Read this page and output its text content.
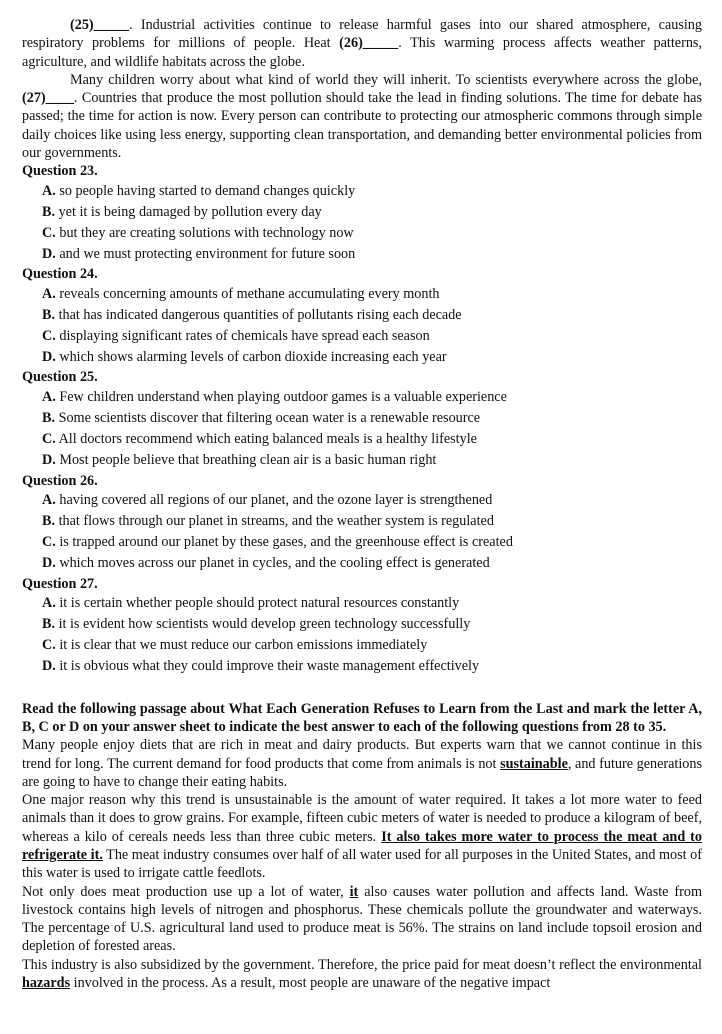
(25)_____. Industrial activities continue to release harmful gases into our shared atmosphere, causing respiratory problems for millions of people. Heat (26)_____. This warming process affects weather patterns, agriculture, and wildlife habitats across the globe.

Many children worry about what kind of world they will inherit. To scientists everywhere across the globe, (27)____. Countries that produce the most pollution should take the lead in finding solutions. The time for debate has passed; the time for action is now. Every person can contribute to protecting our atmospheric commons through simple daily choices like using less energy, supporting clean transportation, and demanding better environmental policies from our governments.

Question 23.
A. so people having started to demand changes quickly
B. yet it is being damaged by pollution every day
C. but they are creating solutions with technology now
D. and we must protecting environment for future soon
Question 24.
A. reveals concerning amounts of methane accumulating every month
B. that has indicated dangerous quantities of pollutants rising each decade
C. displaying significant rates of chemicals have spread each season
D. which shows alarming levels of carbon dioxide increasing each year
Question 25.
A. Few children understand when playing outdoor games is a valuable experience
B. Some scientists discover that filtering ocean water is a renewable resource
C. All doctors recommend which eating balanced meals is a healthy lifestyle
D. Most people believe that breathing clean air is a basic human right
Question 26.
A. having covered all regions of our planet, and the ozone layer is strengthened
B. that flows through our planet in streams, and the weather system is regulated
C. is trapped around our planet by these gases, and the greenhouse effect is created
D. which moves across our planet in cycles, and the cooling effect is generated
Question 27.
A. it is certain whether people should protect natural resources constantly
B. it is evident how scientists would develop green technology successfully
C. it is clear that we must reduce our carbon emissions immediately
D. it is obvious what they could improve their waste management effectively

Read the following passage about What Each Generation Refuses to Learn from the Last and mark the letter A, B, C or D on your answer sheet to indicate the best answer to each of the following questions from 28 to 35.

Many people enjoy diets that are rich in meat and dairy products. But experts warn that we cannot continue in this trend for long. The current demand for food products that come from animals is not sustainable, and future generations are going to have to change their eating habits.

One major reason why this trend is unsustainable is the amount of water required. It takes a lot more water to feed animals than it does to grow grains. For example, fifteen cubic meters of water is needed to produce a kilogram of beef, whereas a kilo of cereals needs less than three cubic meters. It also takes more water to process the meat and to refrigerate it. The meat industry consumes over half of all water used for all purposes in the United States, and most of this water is used to irrigate cattle feedlots.

Not only does meat production use up a lot of water, it also causes water pollution and affects land. Waste from livestock contains high levels of nitrogen and phosphorus. These chemicals pollute the groundwater and waterways. The percentage of U.S. agricultural land used to produce meat is 56%. The strains on land include topsoil erosion and depletion of forested areas.

This industry is also subsidized by the government. Therefore, the price paid for meat doesn’t reflect the environmental hazards involved in the process. As a result, most people are unaware of the negative impact
